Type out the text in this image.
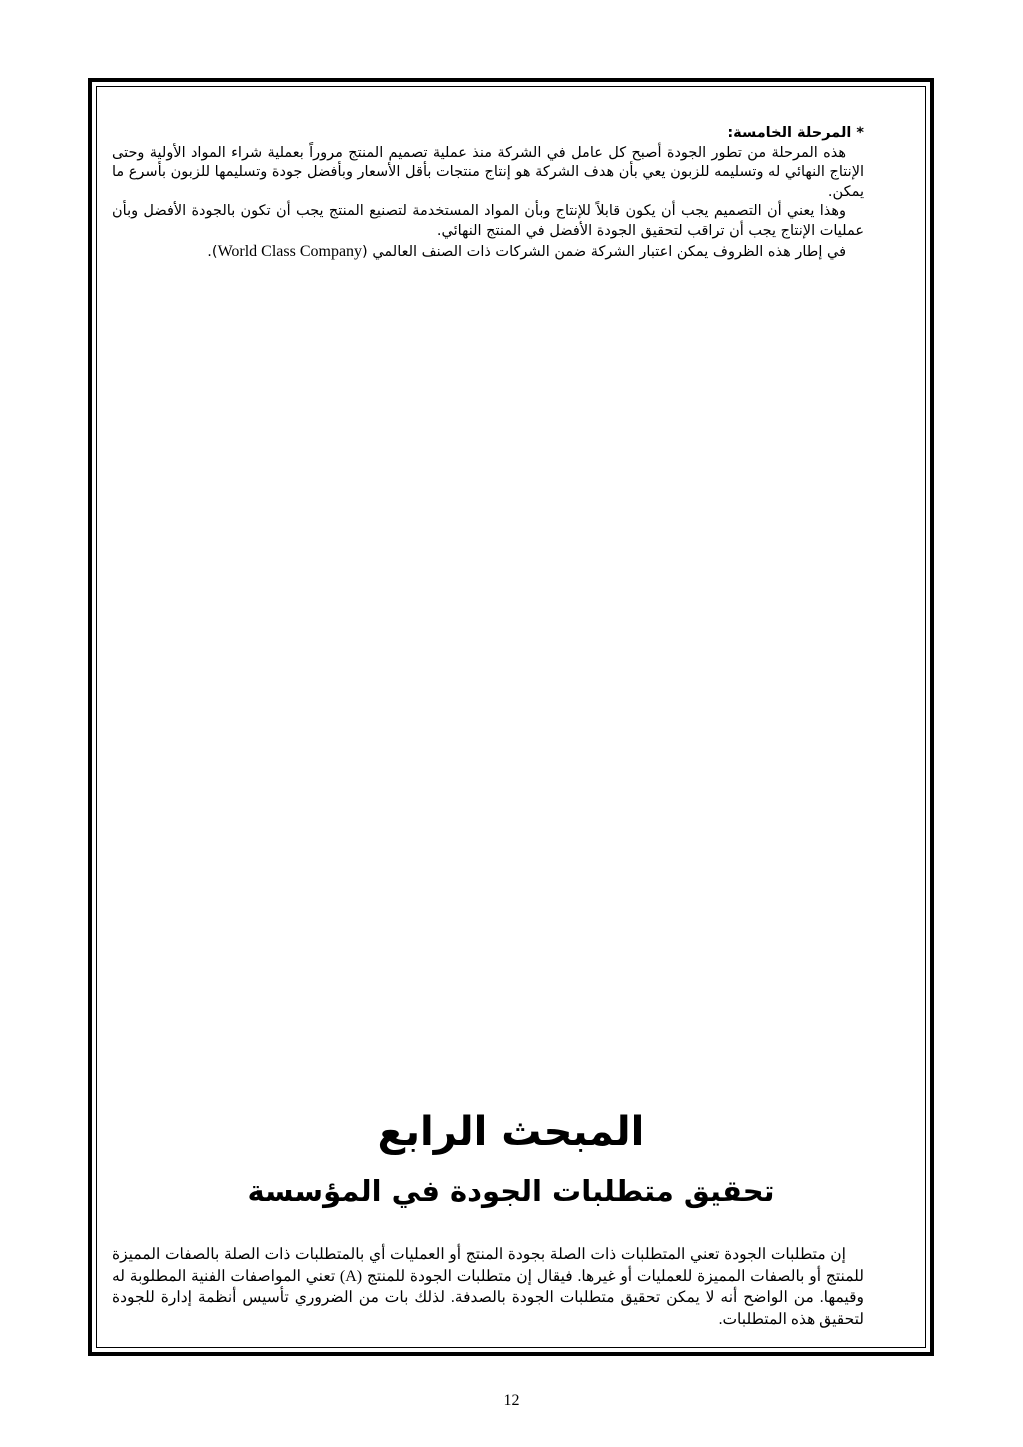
* المرحلة الخامسة:

هذه المرحلة من تطور الجودة أصبح كل عامل في الشركة منذ عملية تصميم المنتج مروراً بعملية شراء المواد الأولية وحتى الإنتاج النهائي له وتسليمه للزبون يعي بأن هدف الشركة هو إنتاج منتجات بأقل الأسعار وبأفضل جودة وتسليمها للزبون بأسرع ما يمكن.

وهذا يعني أن التصميم يجب أن يكون قابلاً للإنتاج وبأن المواد المستخدمة لتصنيع المنتج يجب أن تكون بالجودة الأفضل وبأن عمليات الإنتاج يجب أن تراقب لتحقيق الجودة الأفضل في المنتج النهائي.

في إطار هذه الظروف يمكن اعتبار الشركة ضمن الشركات ذات الصنف العالمي (World Class Company).

المبحث الرابع
تحقيق متطلبات الجودة في المؤسسة

إن متطلبات الجودة تعني المتطلبات ذات الصلة بجودة المنتج أو العمليات أي بالمتطلبات ذات الصلة بالصفات المميزة للمنتج أو بالصفات المميزة للعمليات أو غيرها. فيقال إن متطلبات الجودة للمنتج (A) تعني المواصفات الفنية المطلوبة له وقيمها. من الواضح أنه لا يمكن تحقيق متطلبات الجودة بالصدفة. لذلك بات من الضروري تأسيس أنظمة إدارة للجودة لتحقيق هذه المتطلبات.

12
